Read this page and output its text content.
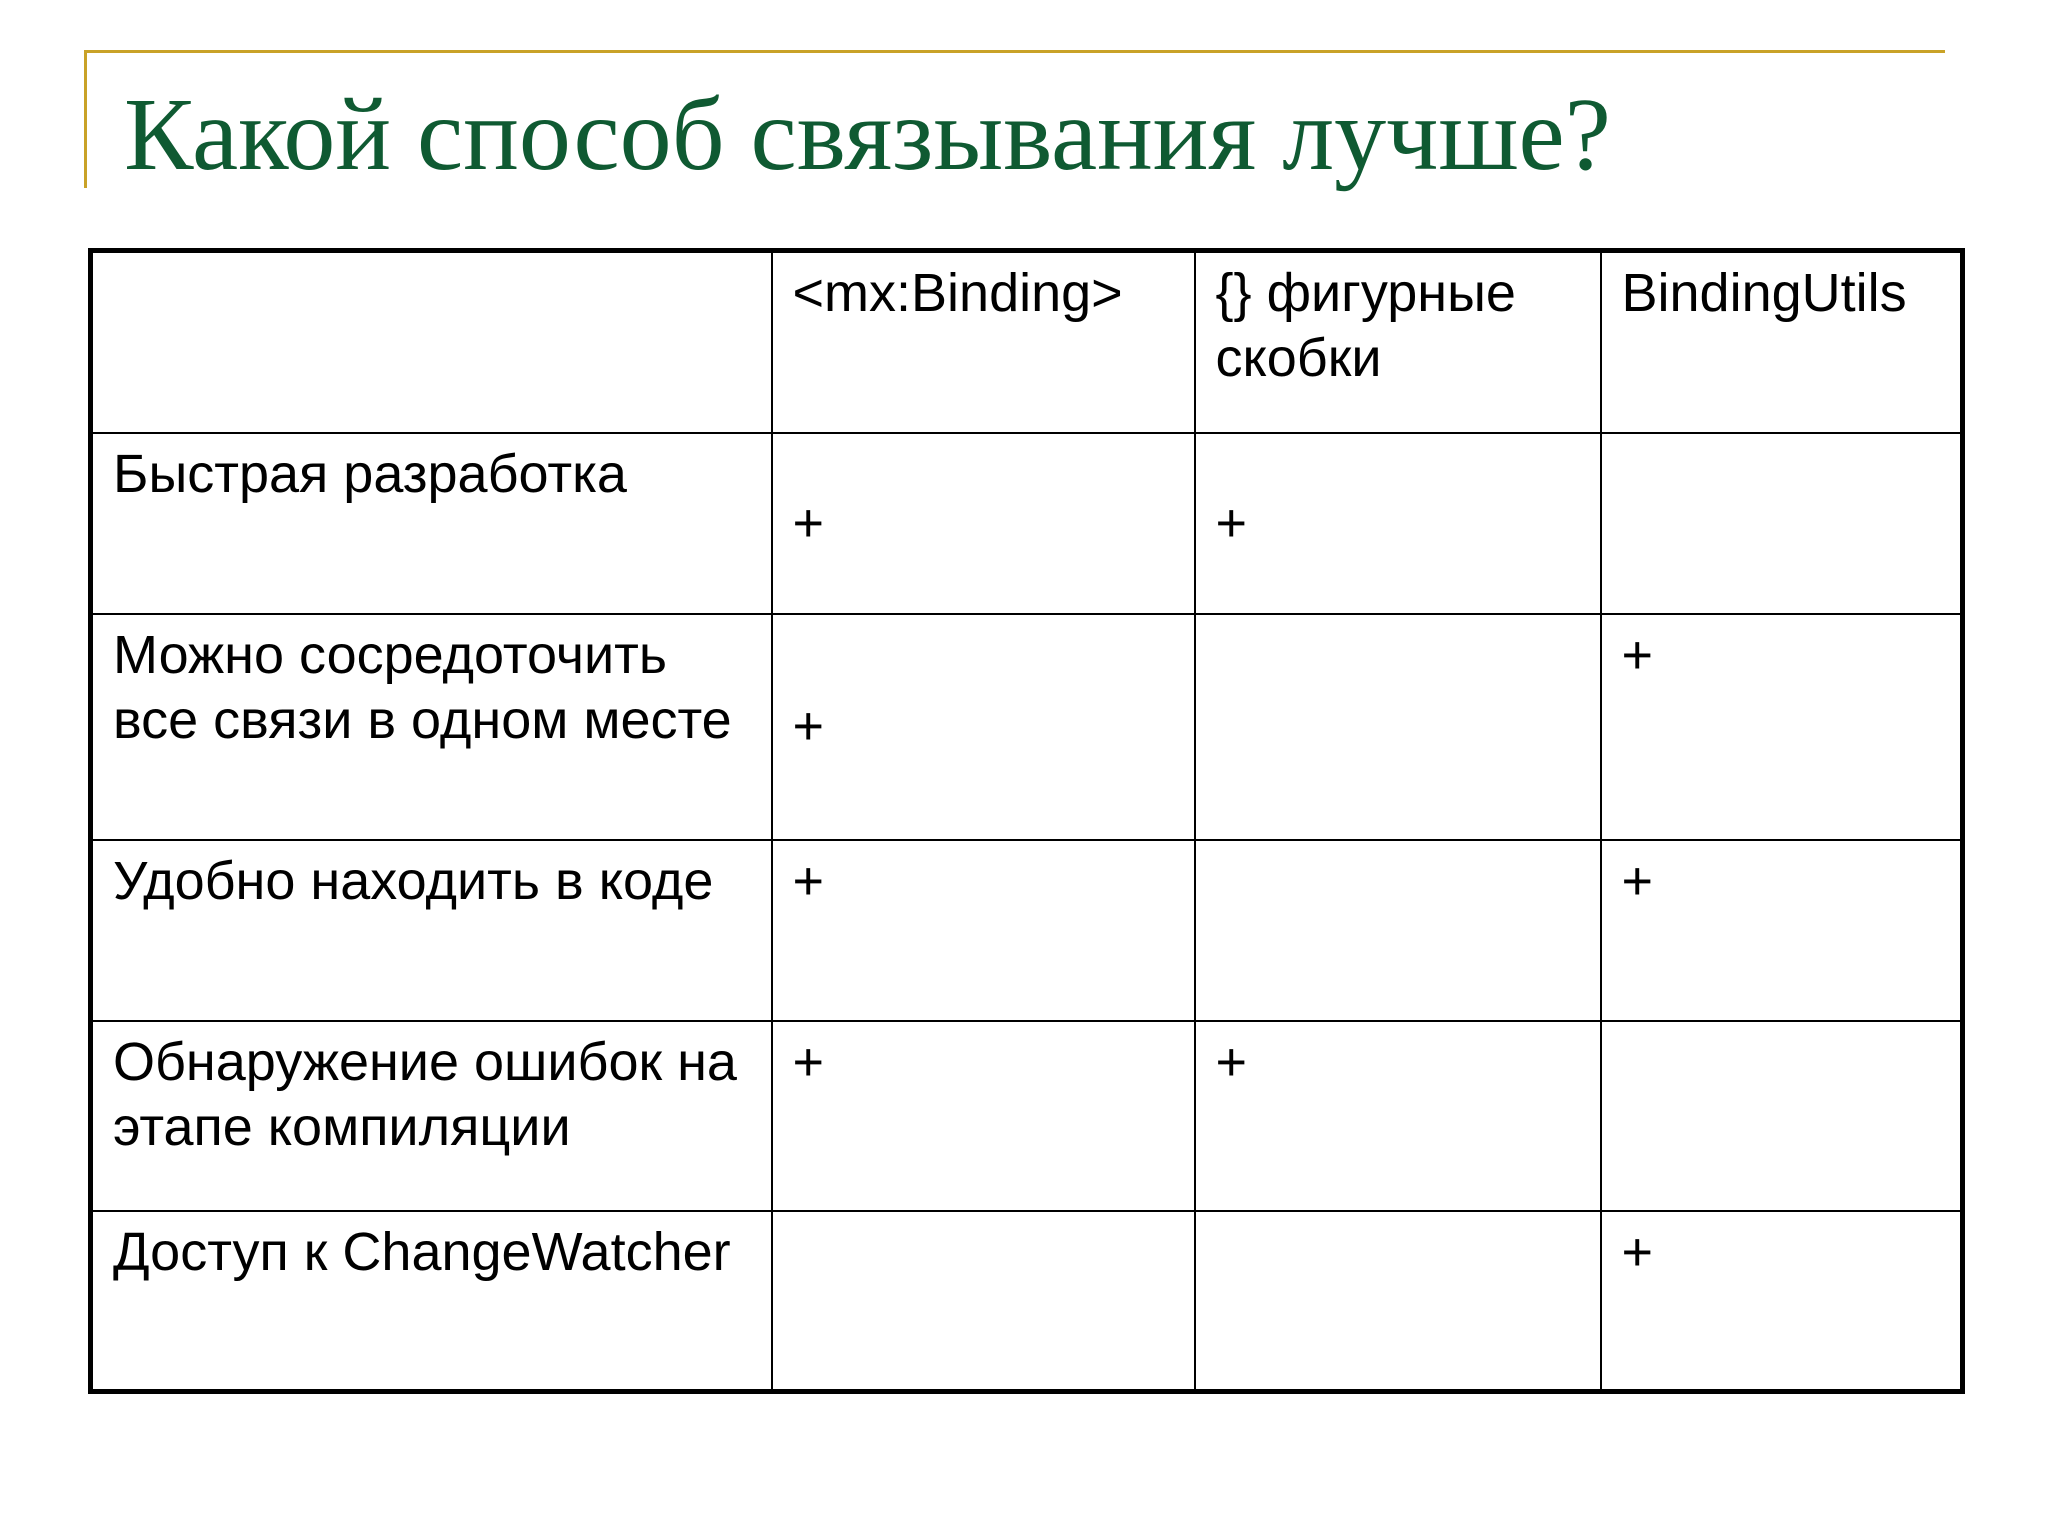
Какой способ связывания лучше?
	<mx:Binding>	{} фигурные скобки	BindingUtils
Быстрая разработка	+	+	
Можно сосредоточить все связи в одном месте	+		+
Удобно находить в коде	+		+
Обнаружение ошибок на этапе компиляции	+	+	
Доступ к ChangeWatcher			+
